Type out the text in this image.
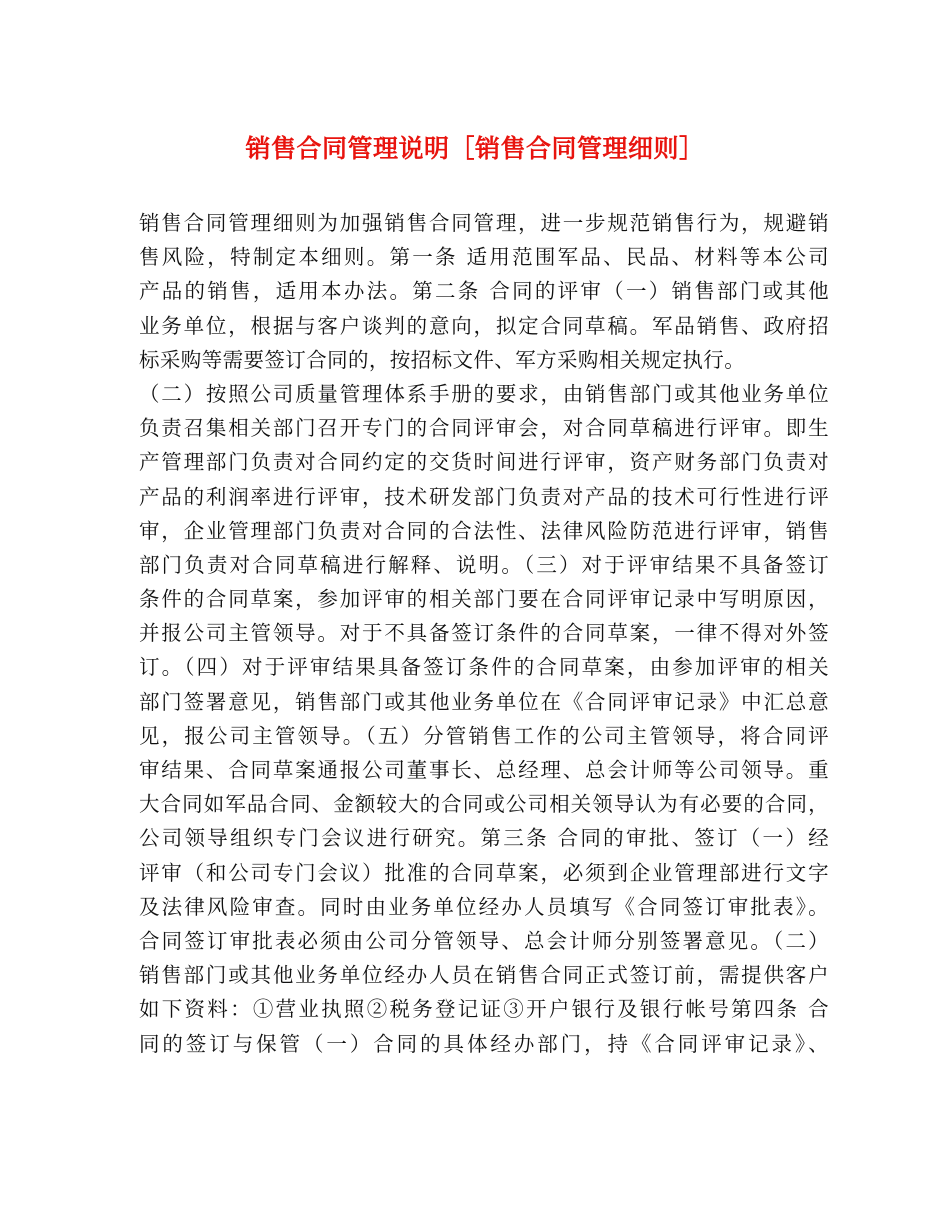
销售合同管理说明［销售合同管理细则］
销售合同管理细则为加强销售合同管理，进一步规范销售行为，规避销
售风险，特制定本细则。第一条 适用范围军品、民品、材料等本公司
产品的销售，适用本办法。第二条 合同的评审（一）销售部门或其他
业务单位，根据与客户谈判的意向，拟定合同草稿。军品销售、政府招
标采购等需要签订合同的，按招标文件、军方采购相关规定执行。
（二）按照公司质量管理体系手册的要求，由销售部门或其他业务单位
负责召集相关部门召开专门的合同评审会，对合同草稿进行评审。即生
产管理部门负责对合同约定的交货时间进行评审，资产财务部门负责对
产品的利润率进行评审，技术研发部门负责对产品的技术可行性进行评
审，企业管理部门负责对合同的合法性、法律风险防范进行评审，销售
部门负责对合同草稿进行解释、说明。（三）对于评审结果不具备签订
条件的合同草案，参加评审的相关部门要在合同评审记录中写明原因，
并报公司主管领导。对于不具备签订条件的合同草案，一律不得对外签
订。（四）对于评审结果具备签订条件的合同草案，由参加评审的相关
部门签署意见，销售部门或其他业务单位在《合同评审记录》中汇总意
见，报公司主管领导。（五）分管销售工作的公司主管领导，将合同评
审结果、合同草案通报公司董事长、总经理、总会计师等公司领导。重
大合同如军品合同、金额较大的合同或公司相关领导认为有必要的合同，
公司领导组织专门会议进行研究。第三条 合同的审批、签订（一）经
评审（和公司专门会议）批准的合同草案，必须到企业管理部进行文字
及法律风险审查。同时由业务单位经办人员填写《合同签订审批表》。
合同签订审批表必须由公司分管领导、总会计师分别签署意见。（二）
销售部门或其他业务单位经办人员在销售合同正式签订前，需提供客户
如下资料：①营业执照②税务登记证③开户银行及银行帐号第四条 合
同的签订与保管（一）合同的具体经办部门，持《合同评审记录》、
